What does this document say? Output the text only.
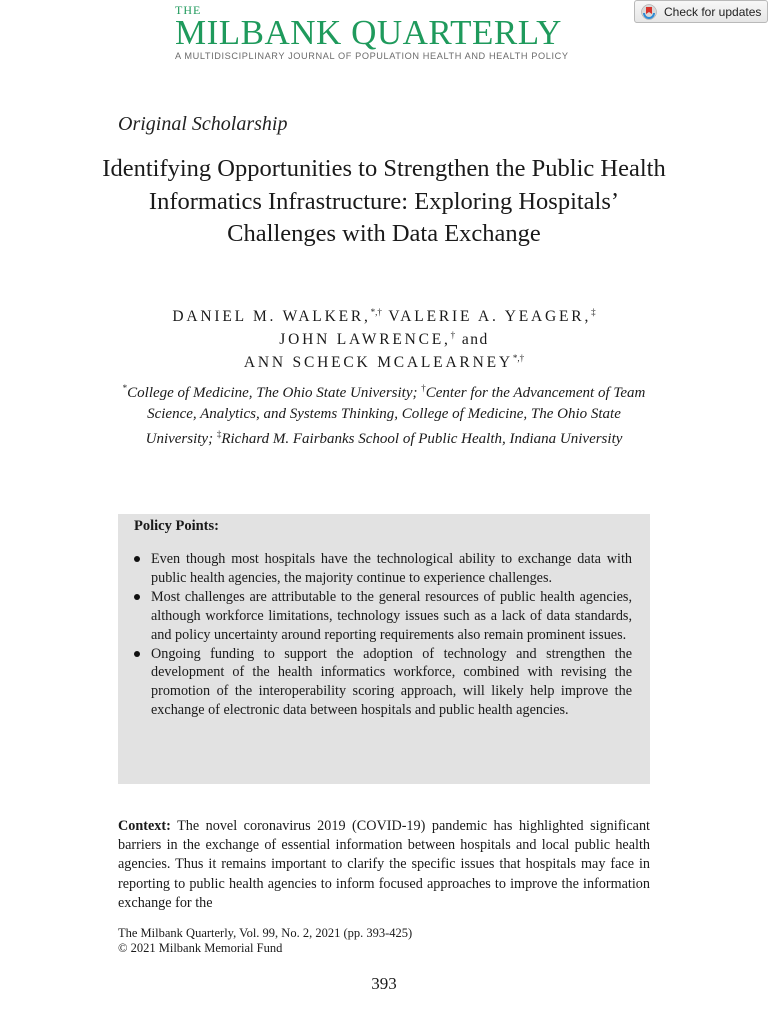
THE
MILBANK QUARTERLY
A MULTIDISCIPLINARY JOURNAL OF POPULATION HEALTH AND HEALTH POLICY
Check for updates
Original Scholarship
Identifying Opportunities to Strengthen the Public Health Informatics Infrastructure: Exploring Hospitals’ Challenges with Data Exchange
DANIEL M. WALKER,*,† VALERIE A. YEAGER,‡
JOHN LAWRENCE,† and
ANN SCHECK MCALEARNEY*,†
*College of Medicine, The Ohio State University; †Center for the Advancement of Team Science, Analytics, and Systems Thinking, College of Medicine, The Ohio State University; ‡Richard M. Fairbanks School of Public Health, Indiana University
Policy Points:
Even though most hospitals have the technological ability to exchange data with public health agencies, the majority continue to experience challenges.
Most challenges are attributable to the general resources of public health agencies, although workforce limitations, technology issues such as a lack of data standards, and policy uncertainty around reporting requirements also remain prominent issues.
Ongoing funding to support the adoption of technology and strengthen the development of the health informatics workforce, combined with revising the promotion of the interoperability scoring approach, will likely help improve the exchange of electronic data between hospitals and public health agencies.
Context: The novel coronavirus 2019 (COVID-19) pandemic has highlighted significant barriers in the exchange of essential information between hospitals and local public health agencies. Thus it remains important to clarify the specific issues that hospitals may face in reporting to public health agencies to inform focused approaches to improve the information exchange for the
The Milbank Quarterly, Vol. 99, No. 2, 2021 (pp. 393-425)
© 2021 Milbank Memorial Fund
393
